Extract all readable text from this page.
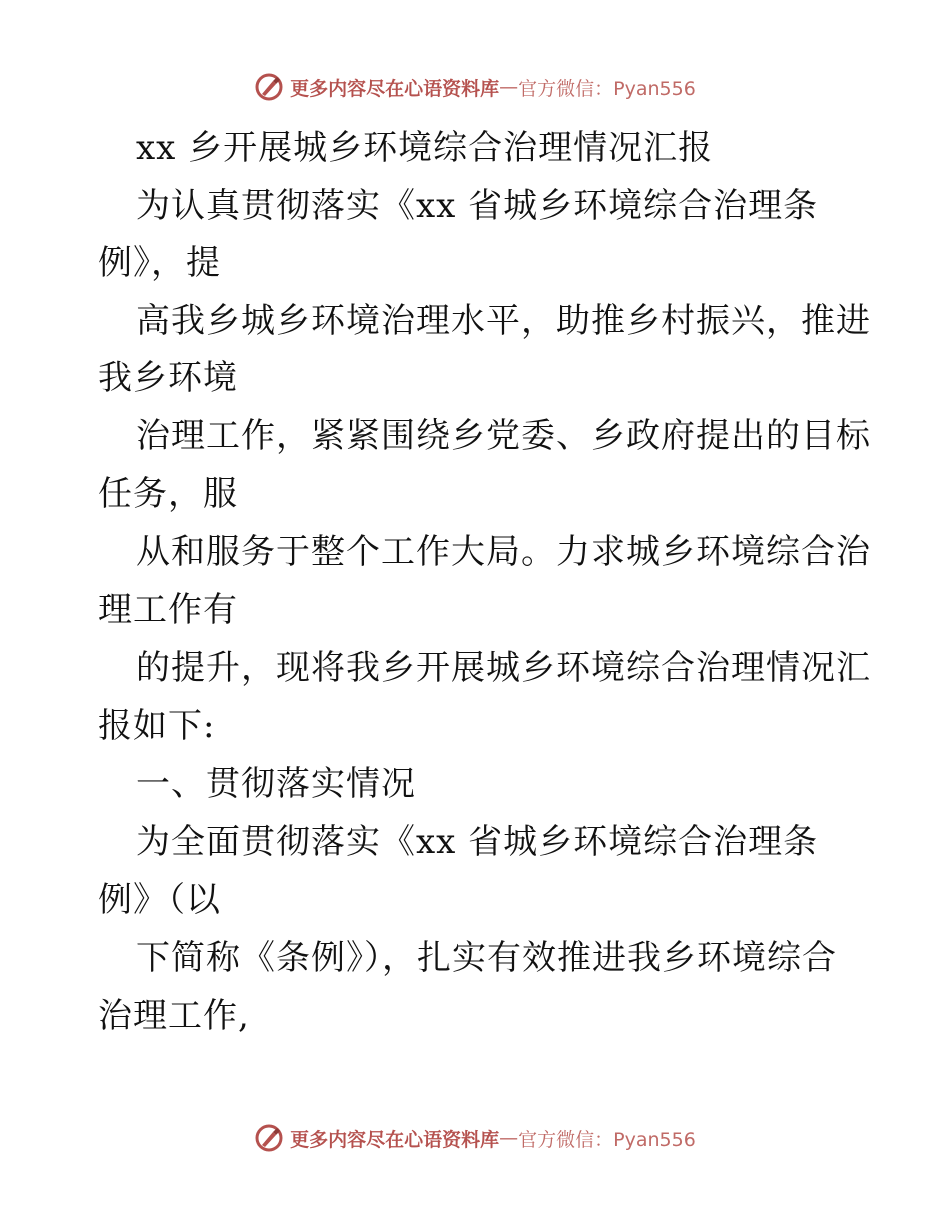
更多内容尽在心语资料库 — 官方微信：Pyan556
xx 乡开展城乡环境综合治理情况汇报
为认真贯彻落实《xx 省城乡环境综合治理条
例》，提
高我乡城乡环境治理水平，助推乡村振兴，推进
我乡环境
治理工作，紧紧围绕乡党委、乡政府提出的目标
任务，服
从和服务于整个工作大局。力求城乡环境综合治
理工作有
的提升，现将我乡开展城乡环境综合治理情况汇
报如下:
一、贯彻落实情况
为全面贯彻落实《xx 省城乡环境综合治理条
例》（以
下简称《条例》），扎实有效推进我乡环境综合
治理工作,
更多内容尽在心语资料库 — 官方微信：Pyan556
